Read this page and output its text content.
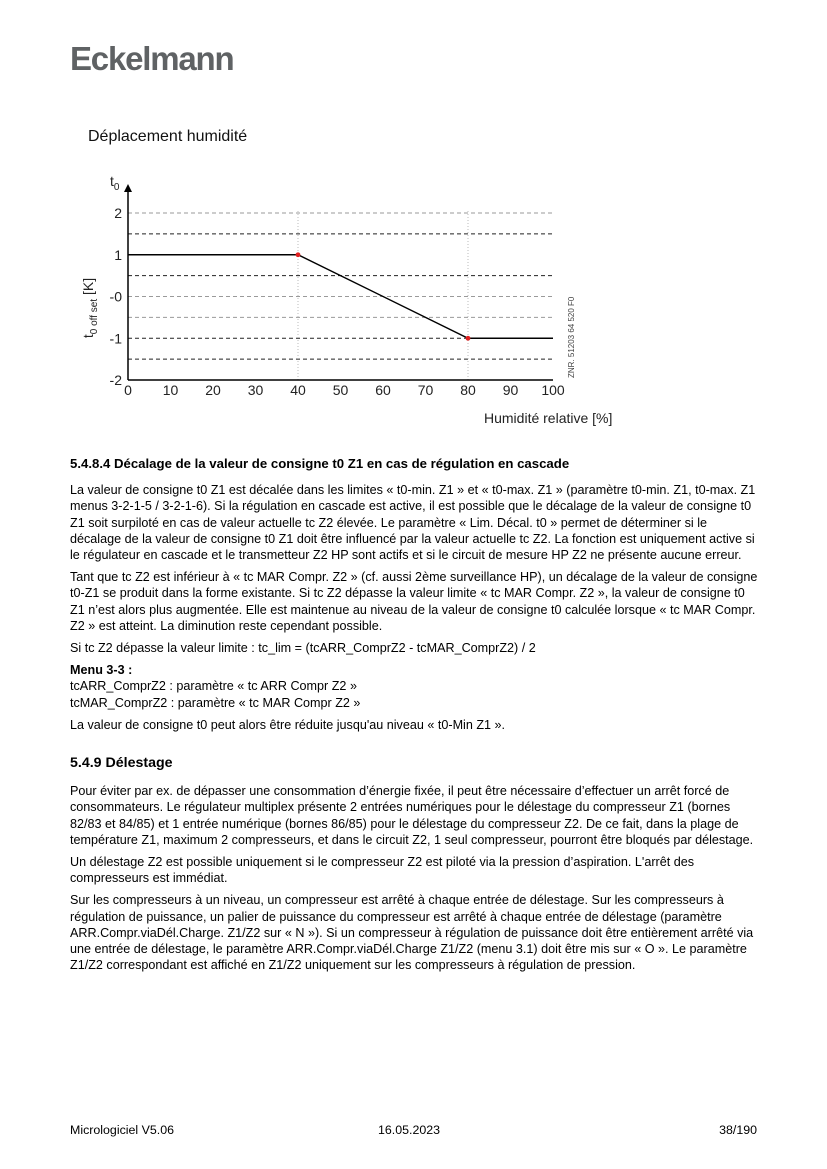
Eckelmann
Déplacement humidité
0 10 20 30 40 50 60 70 80 90 100
2
1
-0
-1
-2
Humidité relative [%]
$t_{0 off set}$ [K]
$t_0$
ZNR. 51203 64 520 F0
5.4.8.4 Décalage de la valeur de consigne t0 Z1 en cas de régulation en cascade

La valeur de consigne t0 Z1 est décalée dans les limites « t0-min. Z1 » et « t0-max. Z1 » (paramètre t0-min. Z1, t0-max. Z1 menus 3-2-1-5 / 3-2-1-6). Si la régulation en cascade est active, il est possible que le décalage de la valeur de consigne t0 Z1 soit surpiloté en cas de valeur actuelle tc Z2 élevée. Le paramètre « Lim. Décal. t0 » permet de déterminer si le décalage de la valeur de consigne t0 Z1 doit être influencé par la valeur actuelle tc Z2. La fonction est uniquement active si le régulateur en cascade et le transmetteur Z2 HP sont actifs et si le circuit de mesure HP Z2 ne présente aucune erreur.

Tant que tc Z2 est inférieur à « tc MAR Compr. Z2 » (cf. aussi 2ème surveillance HP), un décalage de la valeur de consigne t0-Z1 se produit dans la forme existante. Si tc Z2 dépasse la valeur limite « tc MAR Compr. Z2 », la valeur de consigne t0 Z1 n’est alors plus augmentée. Elle est maintenue au niveau de la valeur de consigne t0 calculée lorsque « tc MAR Compr. Z2 » est atteint. La diminution reste cependant possible.

Si tc Z2 dépasse la valeur limite : tc_lim = (tcARR_ComprZ2 - tcMAR_ComprZ2) / 2

Menu 3-3 :
tcARR_ComprZ2 : paramètre « tc ARR Compr Z2 »
tcMAR_ComprZ2 : paramètre « tc MAR Compr Z2 »

La valeur de consigne t0 peut alors être réduite jusqu'au niveau « t0-Min Z1 ».

5.4.9 Délestage

Pour éviter par ex. de dépasser une consommation d’énergie fixée, il peut être nécessaire d’effectuer un arrêt forcé de consommateurs. Le régulateur multiplex présente 2 entrées numériques pour le délestage du compresseur Z1 (bornes 82/83 et 84/85) et 1 entrée numérique (bornes 86/85) pour le délestage du compresseur Z2. De ce fait, dans la plage de température Z1, maximum 2 compresseurs, et dans le circuit Z2, 1 seul compresseur, pourront être bloqués par délestage.

Un délestage Z2 est possible uniquement si le compresseur Z2 est piloté via la pression d’aspiration. L'arrêt des compresseurs est immédiat.

Sur les compresseurs à un niveau, un compresseur est arrêté à chaque entrée de délestage. Sur les compresseurs à régulation de puissance, un palier de puissance du compresseur est arrêté à chaque entrée de délestage (paramètre ARR.Compr.viaDél.Charge. Z1/Z2 sur « N »). Si un compresseur à régulation de puissance doit être entièrement arrêté via une entrée de délestage, le paramètre ARR.Compr.viaDél.Charge Z1/Z2 (menu 3.1) doit être mis sur « O ». Le paramètre Z1/Z2 correspondant est affiché en Z1/Z2 uniquement sur les compresseurs à régulation de pression.

Micrologiciel V5.06	16.05.2023	38/190
